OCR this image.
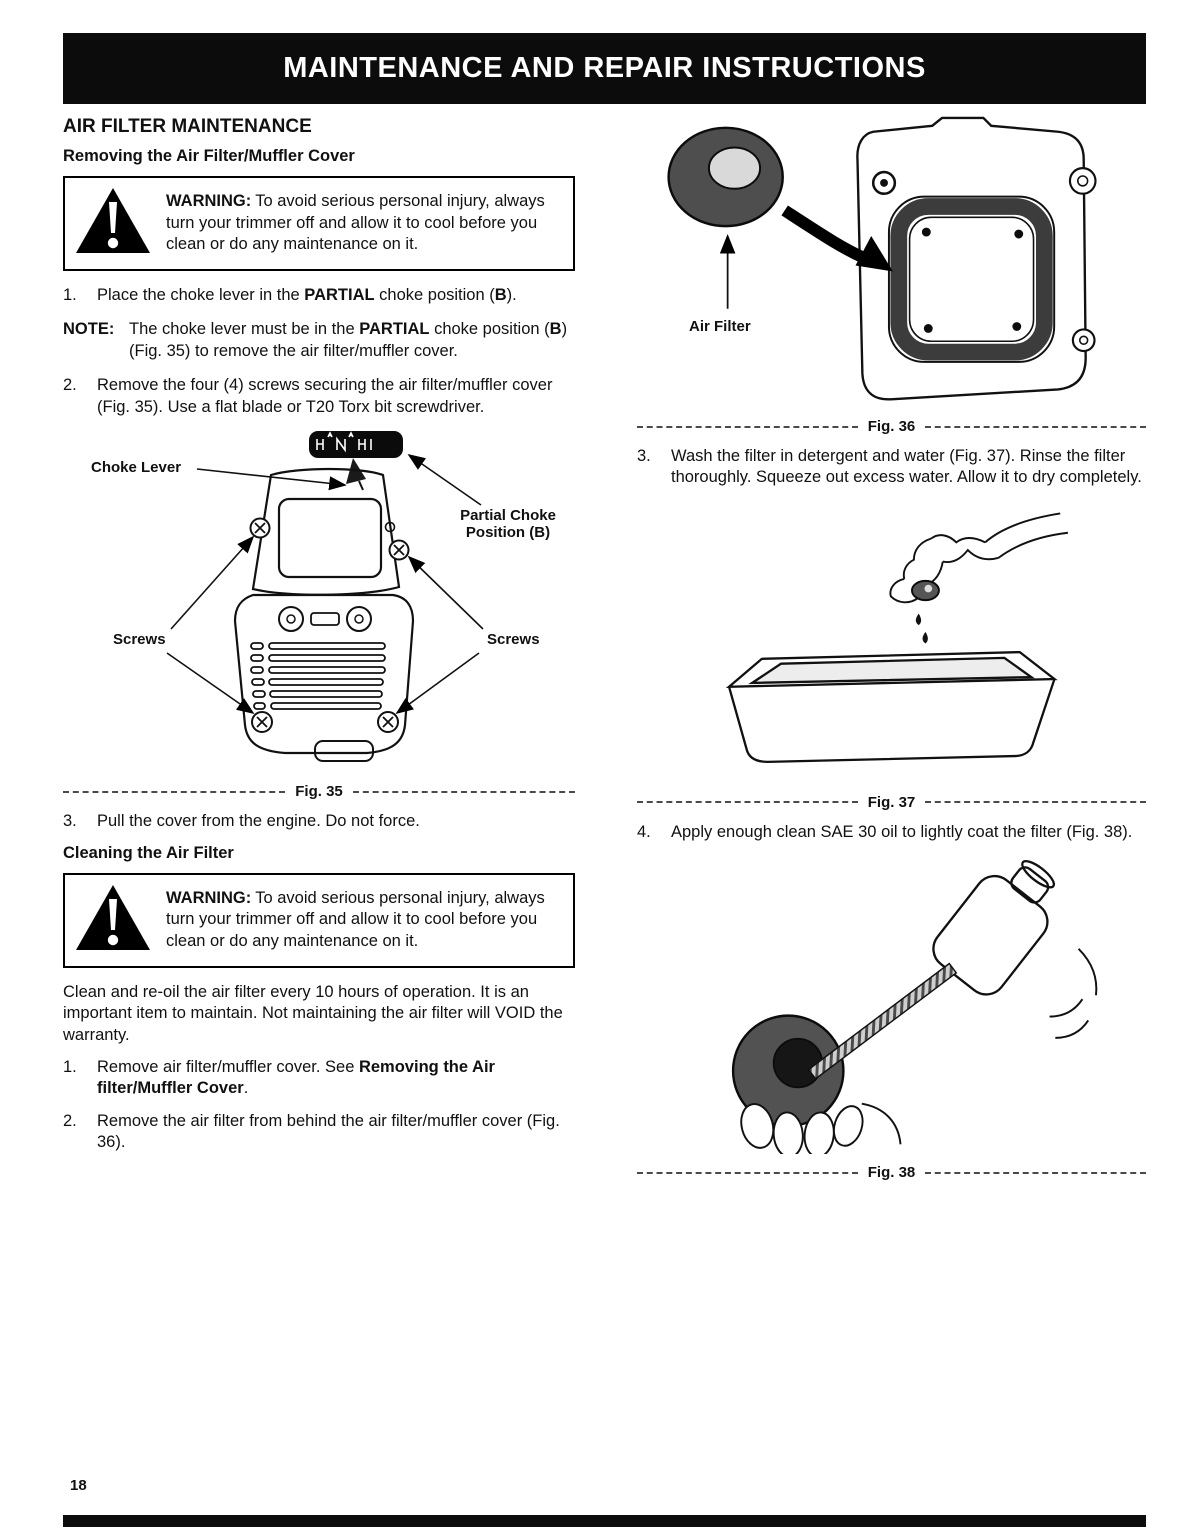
MAINTENANCE AND REPAIR INSTRUCTIONS
AIR FILTER MAINTENANCE
Removing the Air Filter/Muffler Cover

WARNING: To avoid serious personal injury, always turn your trimmer off and allow it to cool before you clean or do any maintenance on it.

1.	Place the choke lever in the PARTIAL choke position (B).
NOTE: The choke lever must be in the PARTIAL choke position (B) (Fig. 35) to remove the air filter/muffler cover.
2.	Remove the four (4) screws securing the air filter/muffler cover (Fig. 35). Use a flat blade or T20 Torx bit screwdriver.
Choke Lever
Partial Choke Position (B)
Screws	Screws
Fig. 35
3.	Pull the cover from the engine. Do not force.
Cleaning the Air Filter

WARNING: To avoid serious personal injury, always turn your trimmer off and allow it to cool before you clean or do any maintenance on it.

Clean and re-oil the air filter every 10 hours of operation. It is an important item to maintain. Not maintaining the air filter will VOID the warranty.

1.	Remove air filter/muffler cover. See Removing the Air filter/Muffler Cover.
2.	Remove the air filter from behind the air filter/muffler cover (Fig. 36).
Air Filter
Fig. 36
3.	Wash the filter in detergent and water (Fig. 37). Rinse the filter thoroughly. Squeeze out excess water. Allow it to dry completely.
Fig. 37
4.	Apply enough clean SAE 30 oil to lightly coat the filter (Fig. 38).
Fig. 38
18
